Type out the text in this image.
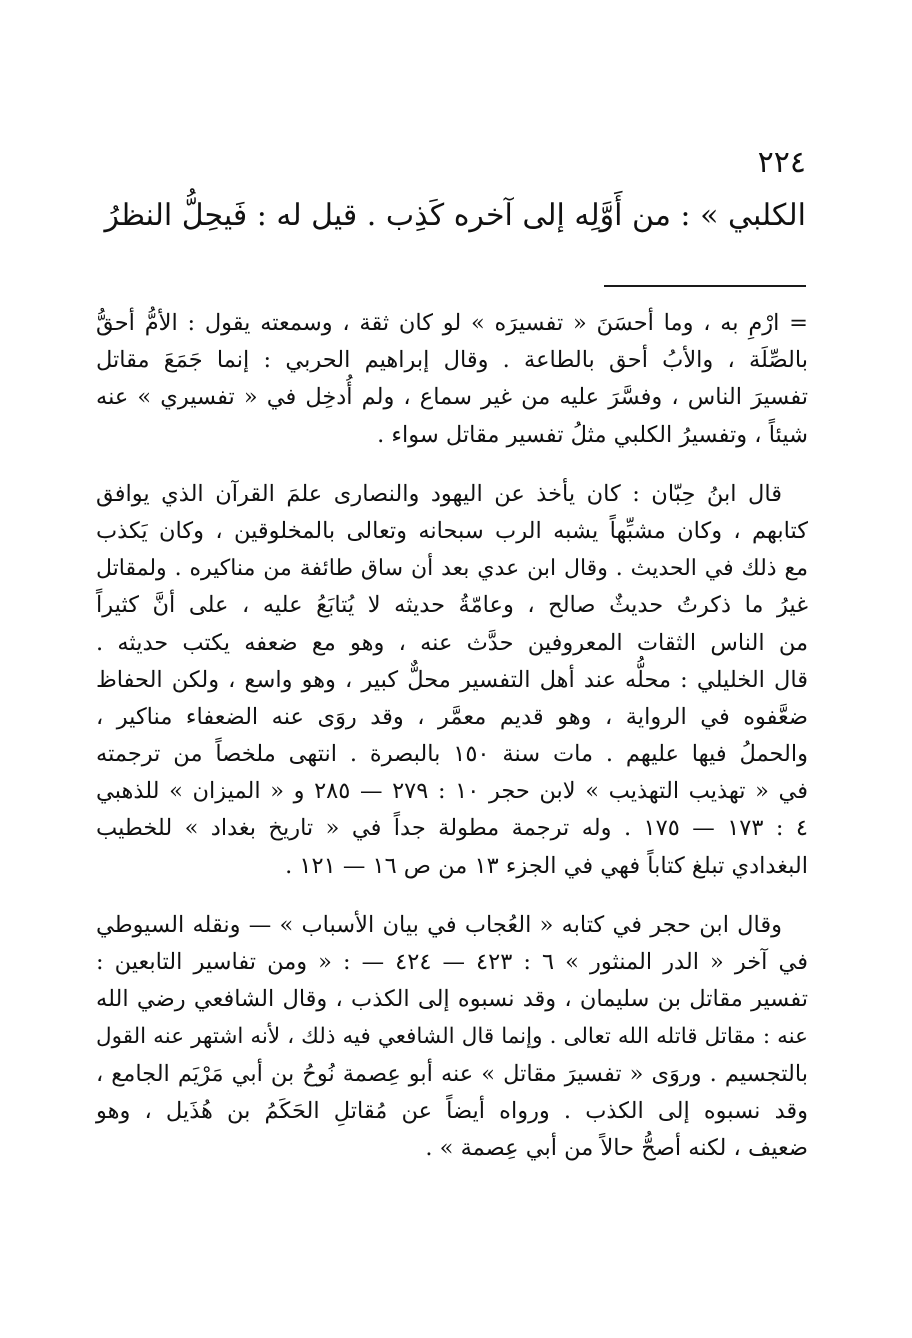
٢٢٤
الكلبي » : من أَوَّلِه إلى آخره كَذِب . قيل له : فَيحِلُّ النظرُ
= ارْمِ به ، وما أحسَنَ « تفسيرَه » لو كان ثقة ، وسمعته يقول : الأمُّ أحقُّ
بالصِّلَة ، والأبُ أحق بالطاعة . وقال إبراهيم الحربي : إنما جَمَعَ مقاتل
تفسيرَ الناس ، وفسَّرَ عليه من غير سماع ، ولم أُدخِل في « تفسيري » عنه
شيئاً ، وتفسيرُ الكلبي مثلُ تفسير مقاتل سواء .
قال ابنُ حِبّان : كان يأخذ عن اليهود والنصارى علمَ القرآن الذي يوافق
كتابهم ، وكان مشبِّهاً يشبه الرب سبحانه وتعالى بالمخلوقين ، وكان يَكذب
مع ذلك في الحديث . وقال ابن عدي بعد أن ساق طائفة من مناكيره . ولمقاتل
غيرُ ما ذكرتُ حديثٌ صالح ، وعامّةُ حديثه لا يُتابَعُ عليه ، على أنَّ كثيراً
من الناس الثقات المعروفين حدَّث عنه ، وهو مع ضعفه يكتب حديثه .
قال الخليلي : محلُّه عند أهل التفسير محلٌّ كبير ، وهو واسع ، ولكن الحفاظ
ضعَّفوه في الرواية ، وهو قديم معمَّر ، وقد روَى عنه الضعفاء مناكير ،
والحملُ فيها عليهم . مات سنة ١٥٠ بالبصرة . انتهى ملخصاً من ترجمته
في « تهذيب التهذيب » لابن حجر ١٠ : ٢٧٩ — ٢٨٥ و « الميزان » للذهبي
٤ : ١٧٣ — ١٧٥ . وله ترجمة مطولة جداً في « تاريخ بغداد » للخطيب
البغدادي تبلغ كتاباً فهي في الجزء ١٣ من ص ١٦ — ١٢١ .
وقال ابن حجر في كتابه « العُجاب في بيان الأسباب » — ونقله السيوطي
في آخر « الدر المنثور » ٦ : ٤٢٣ — ٤٢٤ — : « ومن تفاسير التابعين :
تفسير مقاتل بن سليمان ، وقد نسبوه إلى الكذب ، وقال الشافعي رضي الله
عنه : مقاتل قاتله الله تعالى . وإنما قال الشافعي فيه ذلك ، لأنه اشتهر عنه القول
بالتجسيم . وروَى « تفسيرَ مقاتل » عنه أبو عِصمة نُوحُ بن أبي مَرْيَم الجامع ،
وقد نسبوه إلى الكذب . ورواه أيضاً عن مُقاتلِ الحَكَمُ بن هُذَيل ، وهو
ضعيف ، لكنه أصحُّ حالاً من أبي عِصمة » .
